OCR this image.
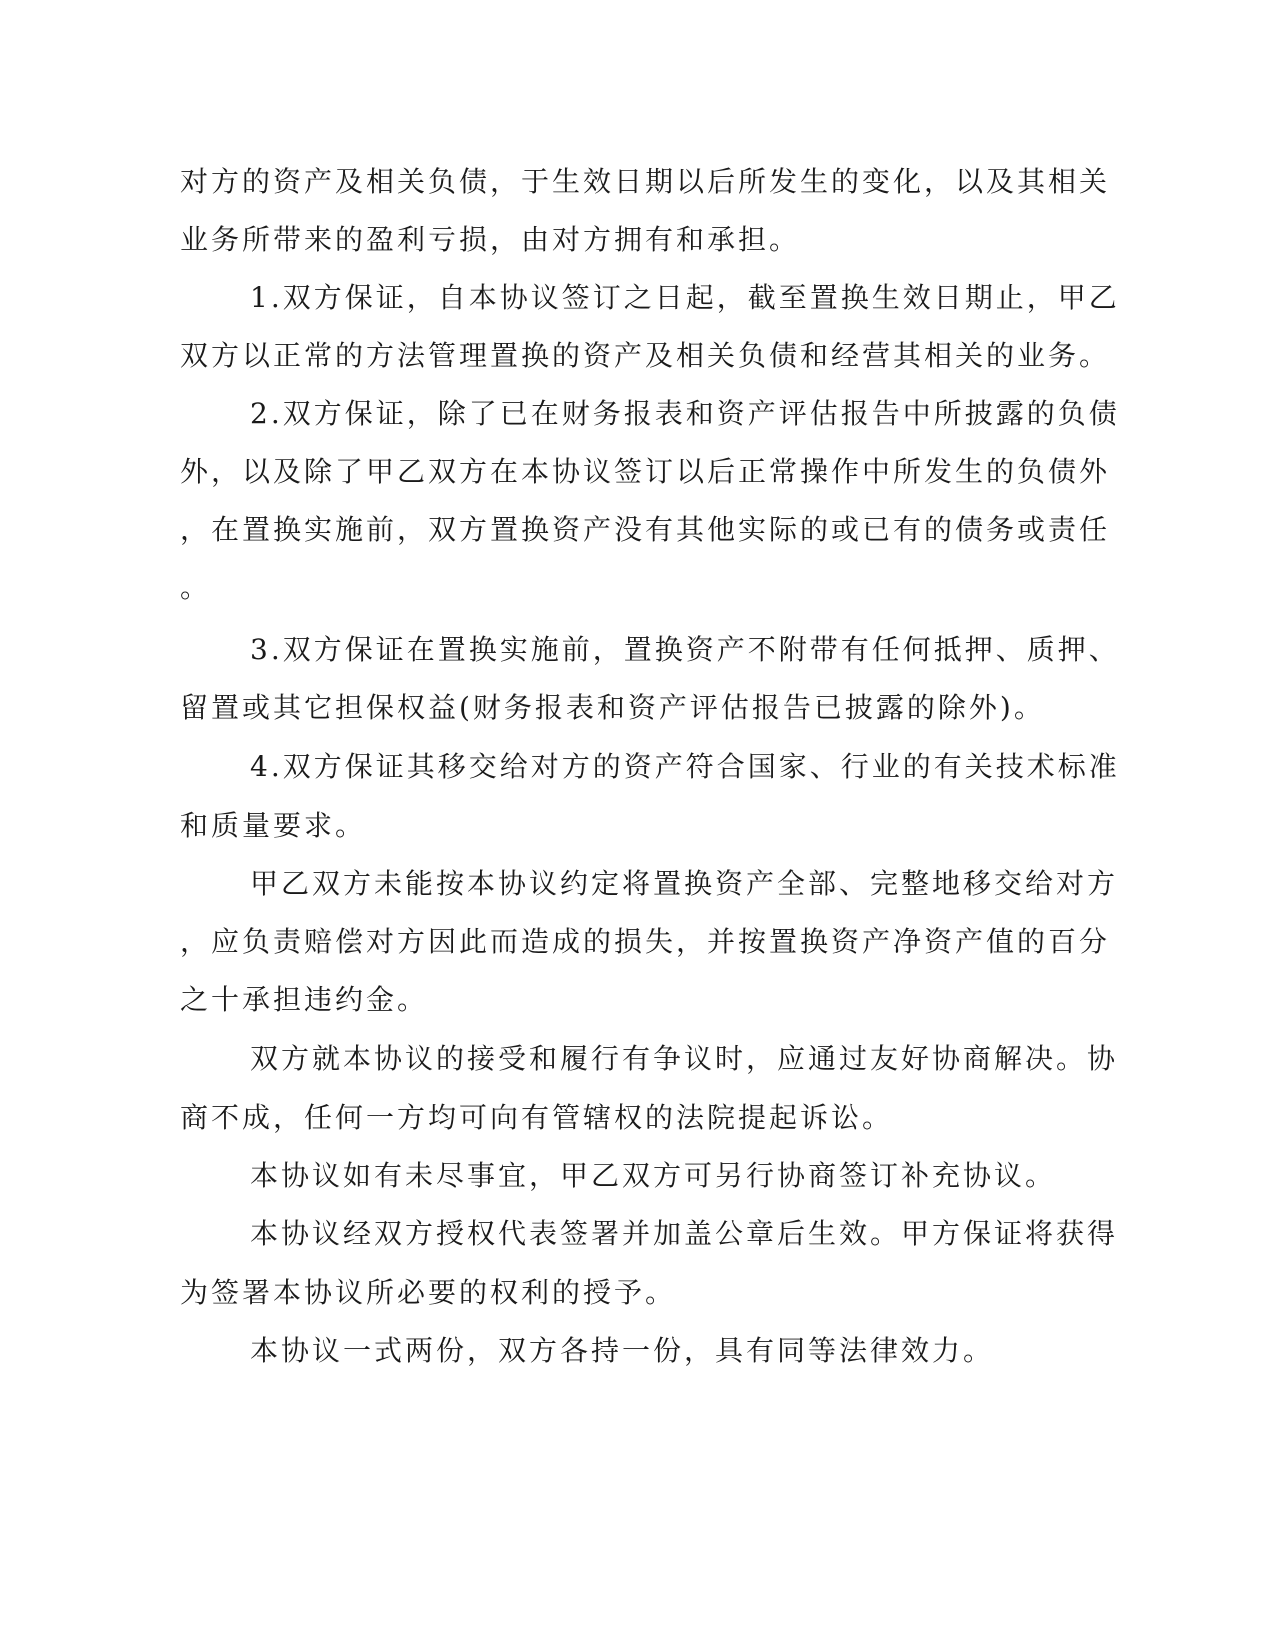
对方的资产及相关负债，于生效日期以后所发生的变化，以及其相关
业务所带来的盈利亏损，由对方拥有和承担。
1.双方保证，自本协议签订之日起，截至置换生效日期止，甲乙
双方以正常的方法管理置换的资产及相关负债和经营其相关的业务。
2.双方保证，除了已在财务报表和资产评估报告中所披露的负债
外，以及除了甲乙双方在本协议签订以后正常操作中所发生的负债外
，在置换实施前，双方置换资产没有其他实际的或已有的债务或责任
。
3.双方保证在置换实施前，置换资产不附带有任何抵押、质押、
留置或其它担保权益(财务报表和资产评估报告已披露的除外)。
4.双方保证其移交给对方的资产符合国家、行业的有关技术标准
和质量要求。
甲乙双方未能按本协议约定将置换资产全部、完整地移交给对方
，应负责赔偿对方因此而造成的损失，并按置换资产净资产值的百分
之十承担违约金。
双方就本协议的接受和履行有争议时，应通过友好协商解决。协
商不成，任何一方均可向有管辖权的法院提起诉讼。
本协议如有未尽事宜，甲乙双方可另行协商签订补充协议。
本协议经双方授权代表签署并加盖公章后生效。甲方保证将获得
为签署本协议所必要的权利的授予。
本协议一式两份，双方各持一份，具有同等法律效力。
